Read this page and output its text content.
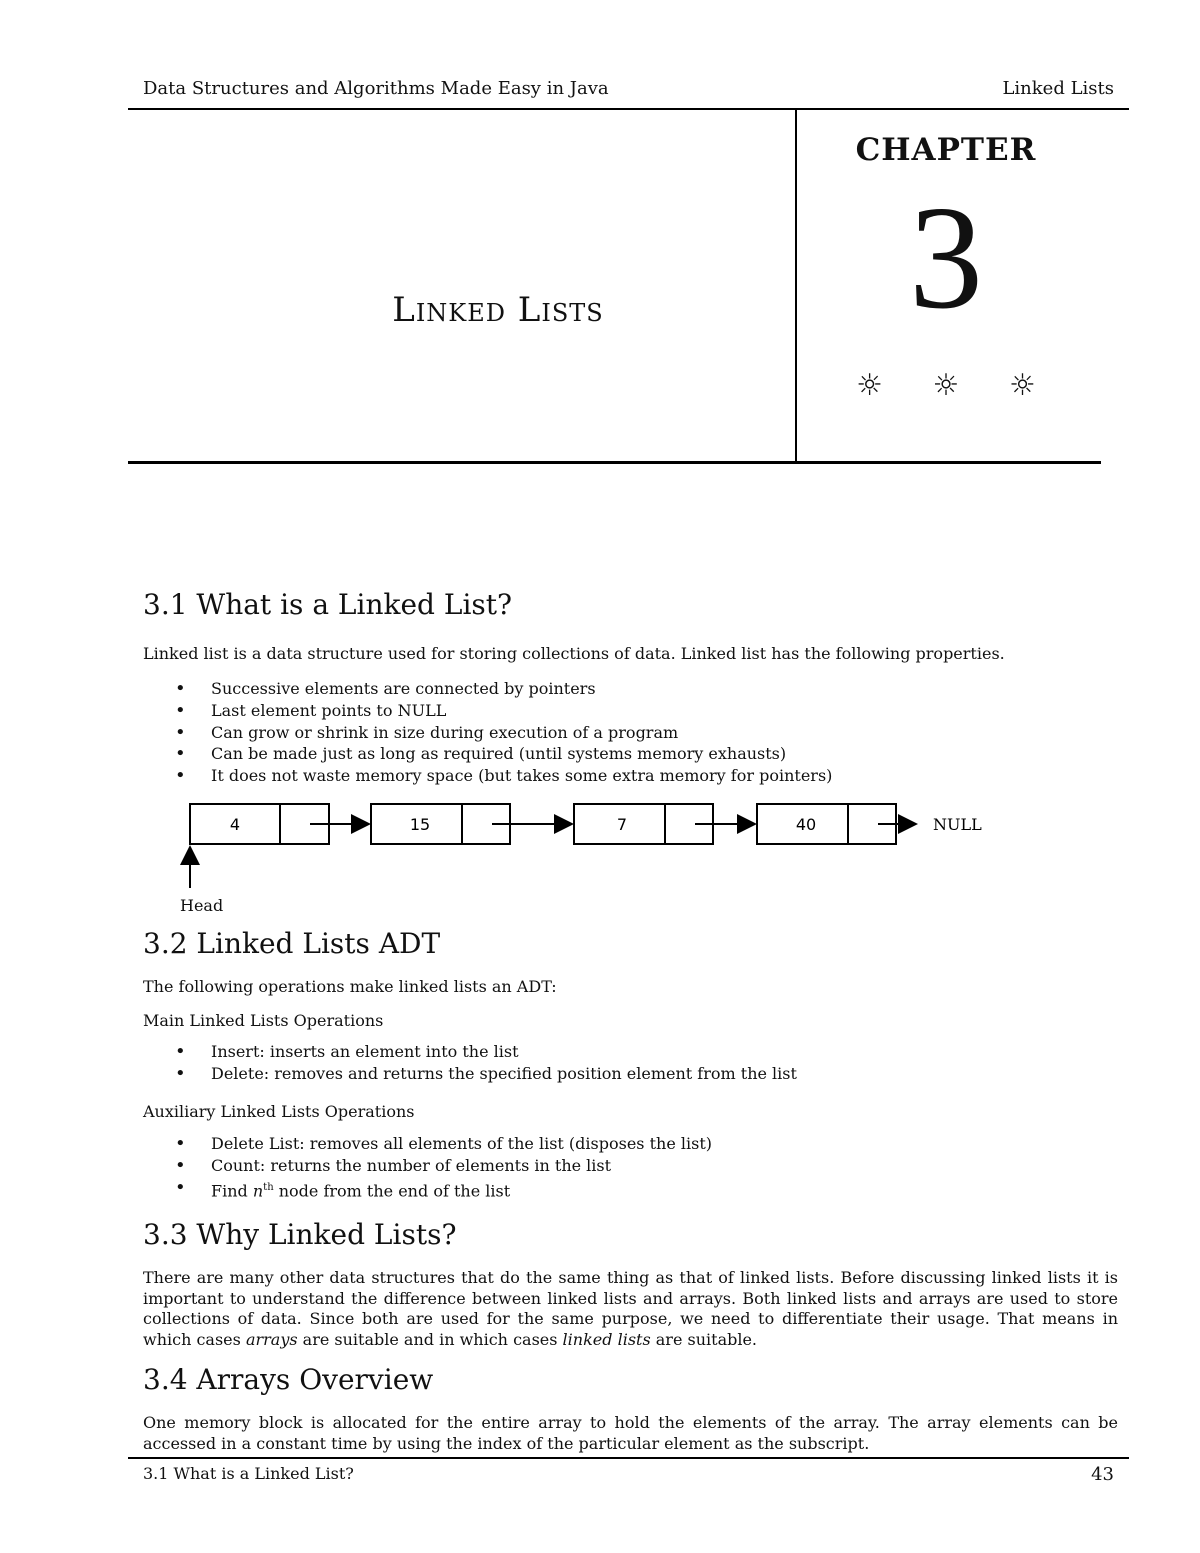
Data Structures and Algorithms Made Easy in Java	Linked Lists
Linked Lists
CHAPTER
3
☼ ☼ ☼
3.1 What is a Linked List?
Linked list is a data structure used for storing collections of data. Linked list has the following properties.
• Successive elements are connected by pointers
• Last element points to NULL
• Can grow or shrink in size during execution of a program
• Can be made just as long as required (until systems memory exhausts)
• It does not waste memory space (but takes some extra memory for pointers)
4	15	7	40	NULL
Head
3.2 Linked Lists ADT
The following operations make linked lists an ADT:
Main Linked Lists Operations
• Insert: inserts an element into the list
• Delete: removes and returns the specified position element from the list
Auxiliary Linked Lists Operations
• Delete List: removes all elements of the list (disposes the list)
• Count: returns the number of elements in the list
• Find $n^{th}$ node from the end of the list
3.3 Why Linked Lists?
There are many other data structures that do the same thing as that of linked lists. Before discussing linked lists it is important to understand the difference between linked lists and arrays. Both linked lists and arrays are used to store collections of data. Since both are used for the same purpose, we need to differentiate their usage. That means in which cases arrays are suitable and in which cases linked lists are suitable.
3.4 Arrays Overview
One memory block is allocated for the entire array to hold the elements of the array. The array elements can be accessed in a constant time by using the index of the particular element as the subscript.
3.1 What is a Linked List?	43
